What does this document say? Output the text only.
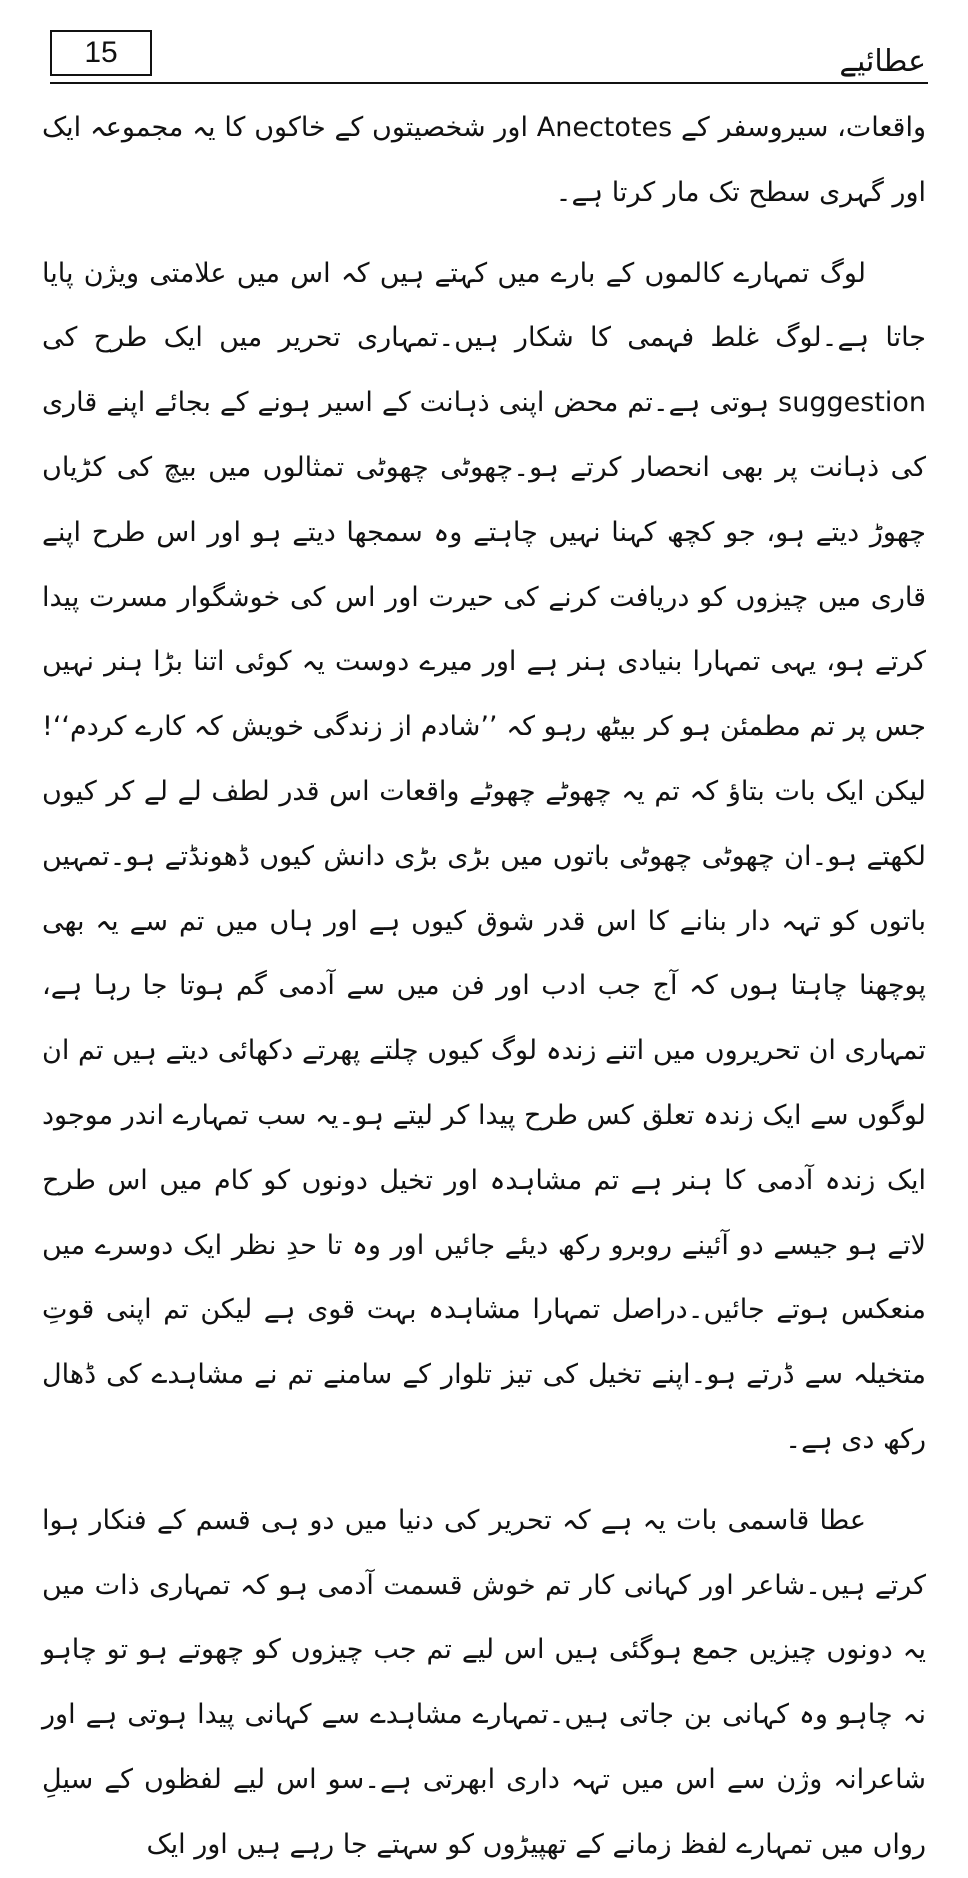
15	عطائیے

واقعات، سیروسفر کے Anectotes اور شخصیتوں کے خاکوں کا یہ مجموعہ ایک اور گہری سطح تک مار کرتا ہے۔

لوگ تمہارے کالموں کے بارے میں کہتے ہیں کہ اس میں علامتی ویژن پایا جاتا ہے۔لوگ غلط فہمی کا شکار ہیں۔تمہاری تحریر میں ایک طرح کی suggestion ہوتی ہے۔تم محض اپنی ذہانت کے اسیر ہونے کے بجائے اپنے قاری کی ذہانت پر بھی انحصار کرتے ہو۔چھوٹی چھوٹی تمثالوں میں بیچ کی کڑیاں چھوڑ دیتے ہو، جو کچھ کہنا نہیں چاہتے وہ سمجھا دیتے ہو اور اس طرح اپنے قاری میں چیزوں کو دریافت کرنے کی حیرت اور اس کی خوشگوار مسرت پیدا کرتے ہو، یہی تمہارا بنیادی ہنر ہے اور میرے دوست یہ کوئی اتنا بڑا ہنر نہیں جس پر تم مطمئن ہو کر بیٹھ رہو کہ ’’شادم از زندگی خویش کہ کارے کردم‘‘! لیکن ایک بات بتاؤ کہ تم یہ چھوٹے چھوٹے واقعات اس قدر لطف لے لے کر کیوں لکھتے ہو۔ان چھوٹی چھوٹی باتوں میں بڑی بڑی دانش کیوں ڈھونڈتے ہو۔تمہیں باتوں کو تہہ دار بنانے کا اس قدر شوق کیوں ہے اور ہاں میں تم سے یہ بھی پوچھنا چاہتا ہوں کہ آج جب ادب اور فن میں سے آدمی گم ہوتا جا رہا ہے، تمہاری ان تحریروں میں اتنے زندہ لوگ کیوں چلتے پھرتے دکھائی دیتے ہیں تم ان لوگوں سے ایک زندہ تعلق کس طرح پیدا کر لیتے ہو۔یہ سب تمہارے اندر موجود ایک زندہ آدمی کا ہنر ہے تم مشاہدہ اور تخیل دونوں کو کام میں اس طرح لاتے ہو جیسے دو آئینے روبرو رکھ دیئے جائیں اور وہ تا حدِ نظر ایک دوسرے میں منعکس ہوتے جائیں۔دراصل تمہارا مشاہدہ بہت قوی ہے لیکن تم اپنی قوتِ متخیلہ سے ڈرتے ہو۔اپنے تخیل کی تیز تلوار کے سامنے تم نے مشاہدے کی ڈھال رکھ دی ہے۔

عطا قاسمی بات یہ ہے کہ تحریر کی دنیا میں دو ہی قسم کے فنکار ہوا کرتے ہیں۔شاعر اور کہانی کار تم خوش قسمت آدمی ہو کہ تمہاری ذات میں یہ دونوں چیزیں جمع ہوگئی ہیں اس لیے تم جب چیزوں کو چھوتے ہو تو چاہو نہ چاہو وہ کہانی بن جاتی ہیں۔تمہارے مشاہدے سے کہانی پیدا ہوتی ہے اور شاعرانہ وژن سے اس میں تہہ داری ابھرتی ہے۔سو اس لیے لفظوں کے سیلِ رواں میں تمہارے لفظ زمانے کے تھپیڑوں کو سہتے جا رہے ہیں اور ایک
